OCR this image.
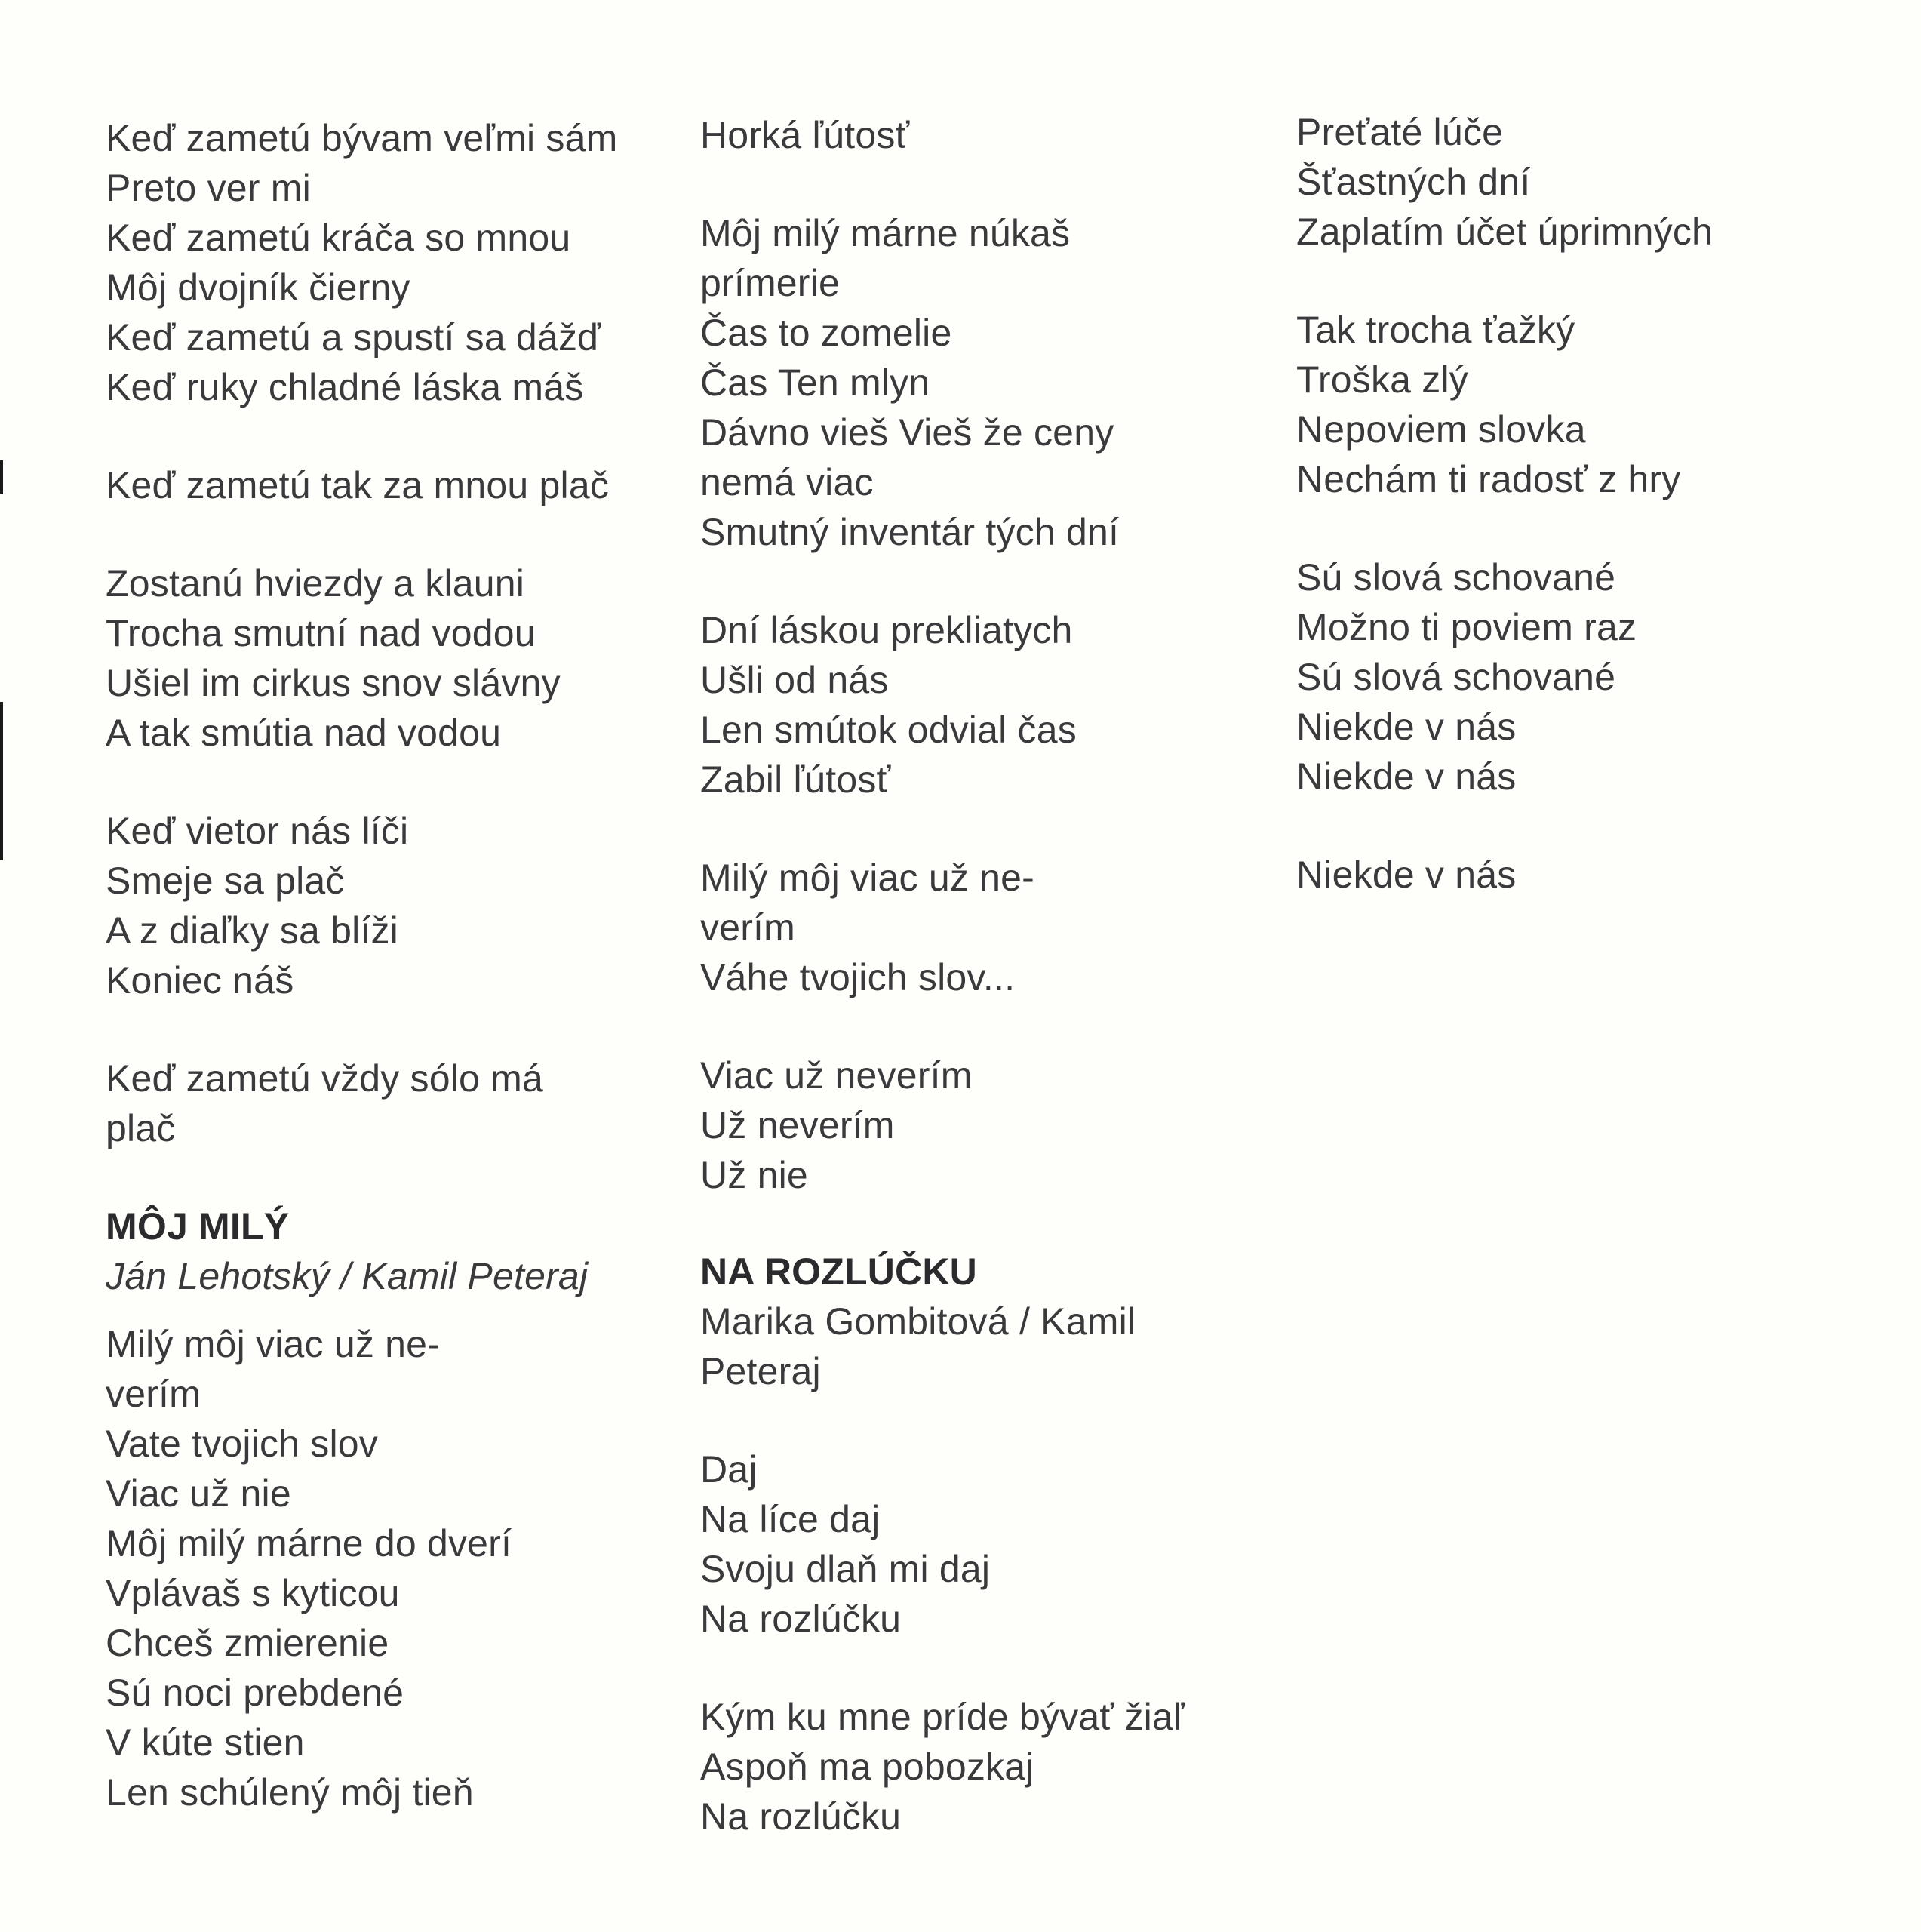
Keď zametú bývam veľmi sám
Preto ver mi
Keď zametú kráča so mnou
Môj dvojník čierny
Keď zametú a spustí sa dážď
Keď ruky chladné láska máš
Keď zametú tak za mnou plač
Zostanú hviezdy a klauni
Trocha smutní nad vodou
Ušiel im cirkus snov slávny
A tak smútia nad vodou
Keď vietor nás líči
Smeje sa plač
A z diaľky sa blíži
Koniec náš
Keď zametú vždy sólo má
plač
MÔJ MILÝ
Ján Lehotský / Kamil Peteraj
Milý môj viac už ne-
verím
Vate tvojich slov
Viac už nie
Môj milý márne do dverí
Vplávaš s kyticou
Chceš zmierenie
Sú noci prebdené
V kúte stien
Len schúlený môj tieň
Horká ľútosť
Môj milý márne núkaš
prímerie
Čas to zomelie
Čas Ten mlyn
Dávno vieš Vieš že ceny
nemá viac
Smutný inventár tých dní
Dní láskou prekliatych
Ušli od nás
Len smútok odvial čas
Zabil ľútosť
Milý môj viac už ne-
verím
Váhe tvojich slov...
Viac už neverím
Už neverím
Už nie
NA ROZLÚČKU
Marika Gombitová / Kamil
Peteraj
Daj
Na líce daj
Svoju dlaň mi daj
Na rozlúčku
Kým ku mne príde bývať žiaľ
Aspoň ma pobozkaj
Na rozlúčku
Preťaté lúče
Šťastných dní
Zaplatím účet úprimných
Tak trocha ťažký
Troška zlý
Nepoviem slovka
Nechám ti radosť z hry
Sú slová schované
Možno ti poviem raz
Sú slová schované
Niekde v nás
Niekde v nás
Niekde v nás
